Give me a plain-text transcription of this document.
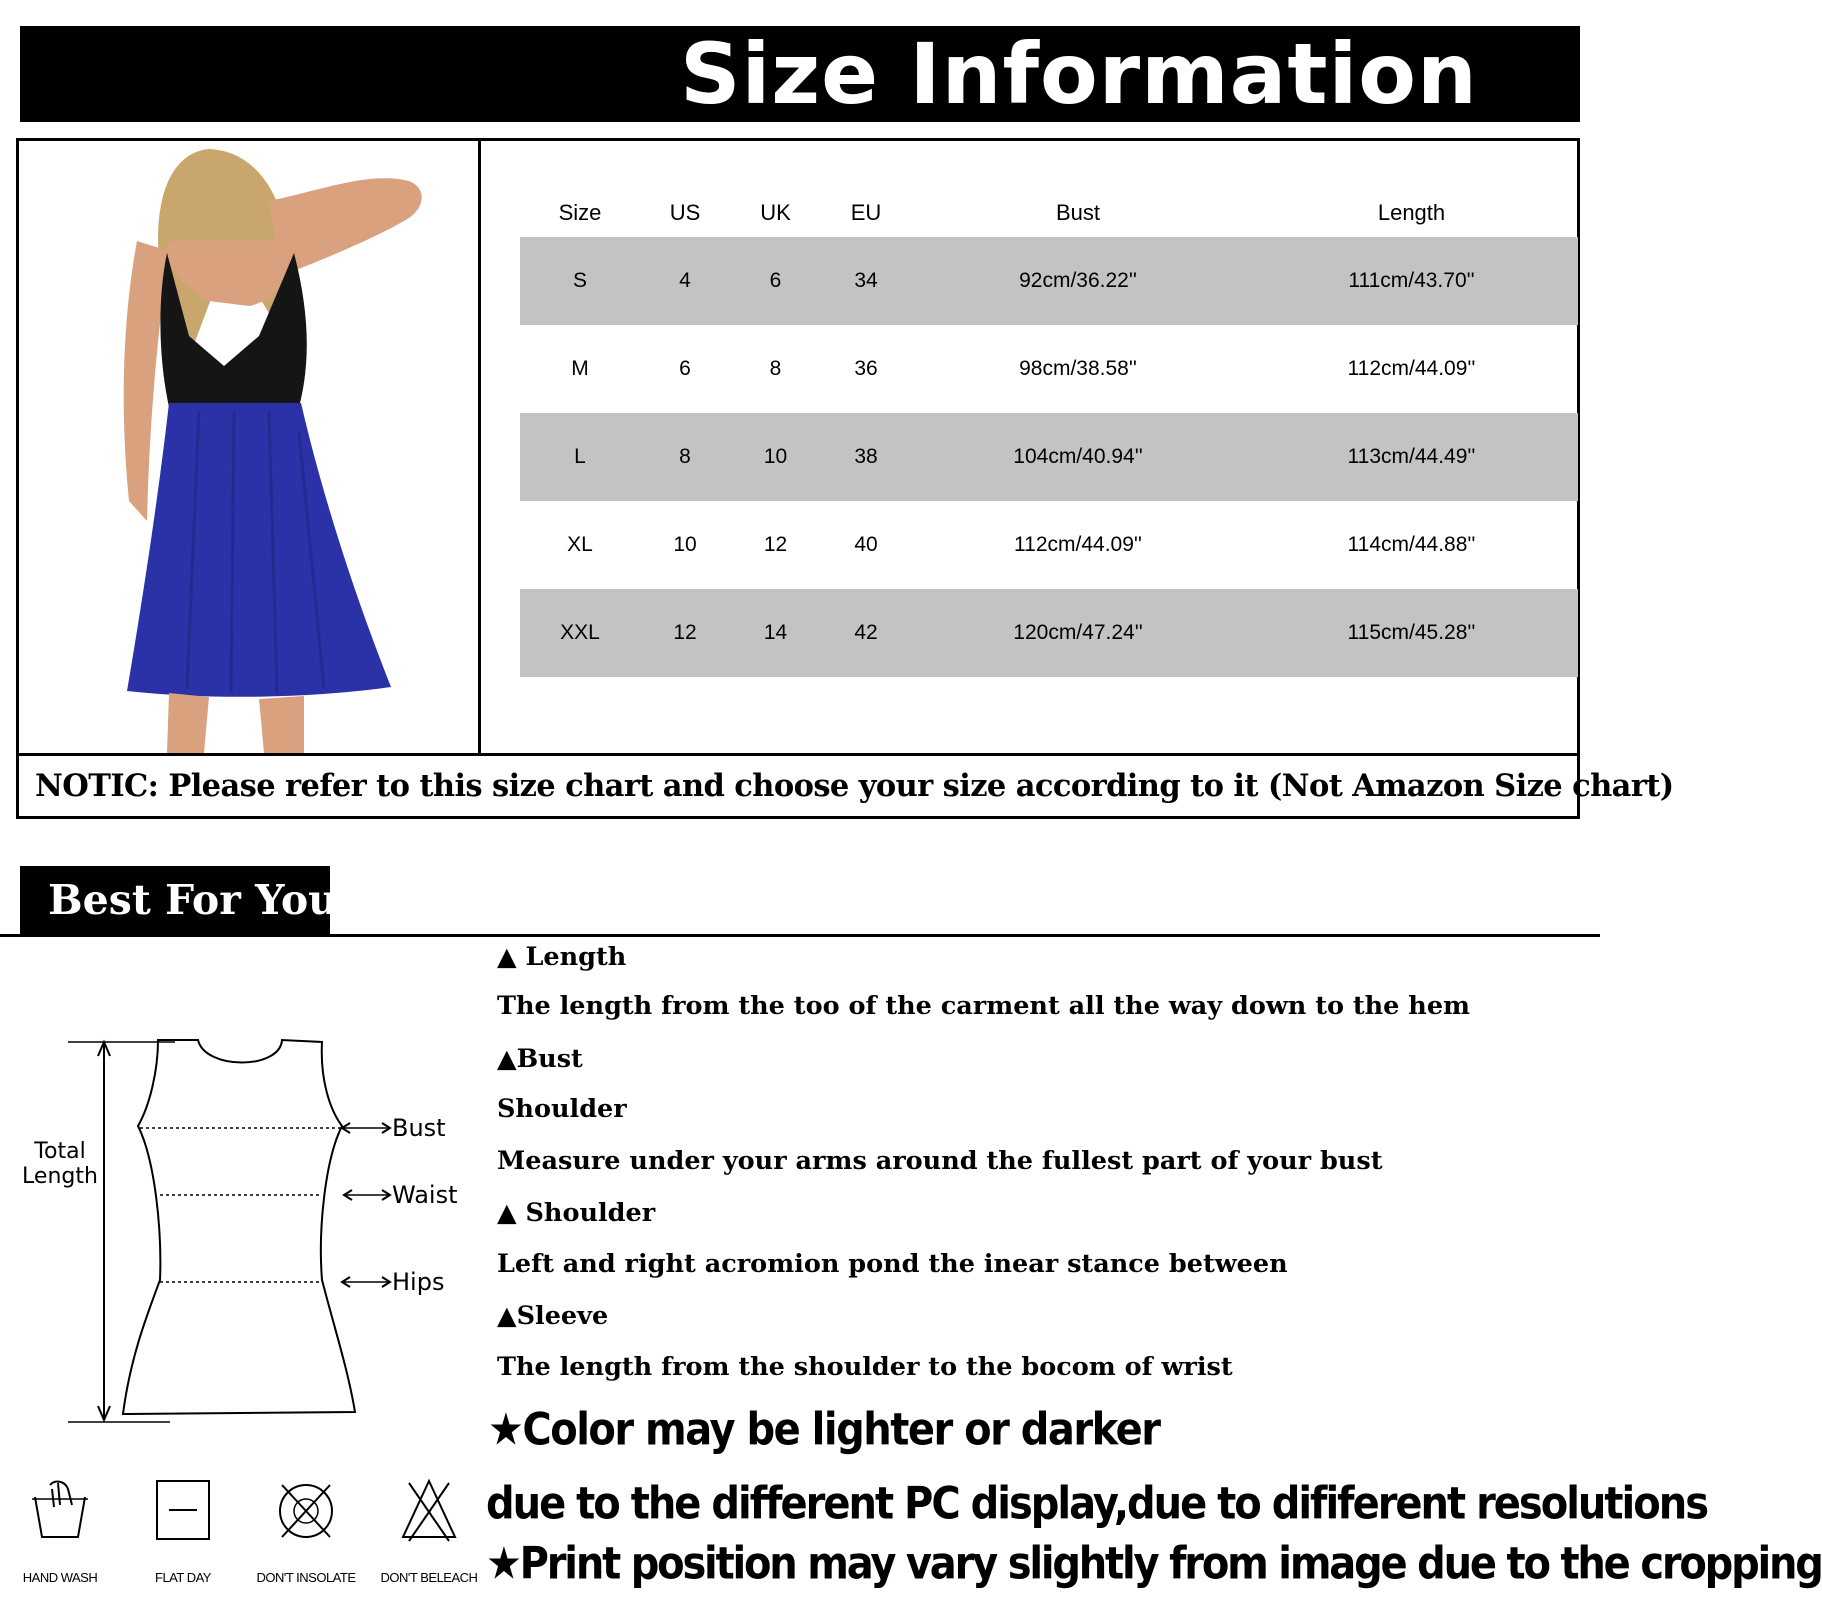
Size Information
Size	US	UK	EU	Bust	Length
S	4	6	34	92cm/36.22''	111cm/43.70''
M	6	8	36	98cm/38.58''	112cm/44.09''
L	8	10	38	104cm/40.94''	113cm/44.49''
XL	10	12	40	112cm/44.09''	114cm/44.88''
XXL	12	14	42	120cm/47.24''	115cm/45.28''

NOTIC: Please refer to this size chart and choose your size according to it (Not Amazon Size chart)

Best For You

Total
Length
Bust
Waist
Hips

▲ Length

The length from the too of the carment all the way down to the hem

▲Bust

Shoulder

Measure under your arms around the fullest part of your bust

▲ Shoulder

Left and right acromion pond the inear stance between

▲Sleeve

The length from the shoulder to the bocom of wrist

★Color may be lighter or darker

due to the different PC display,due to dififerent resolutions

★Print position may vary slightly from image due to the cropping

HAND WASH	FLAT DAY	DON'T INSOLATE	DON'T BELEACH
